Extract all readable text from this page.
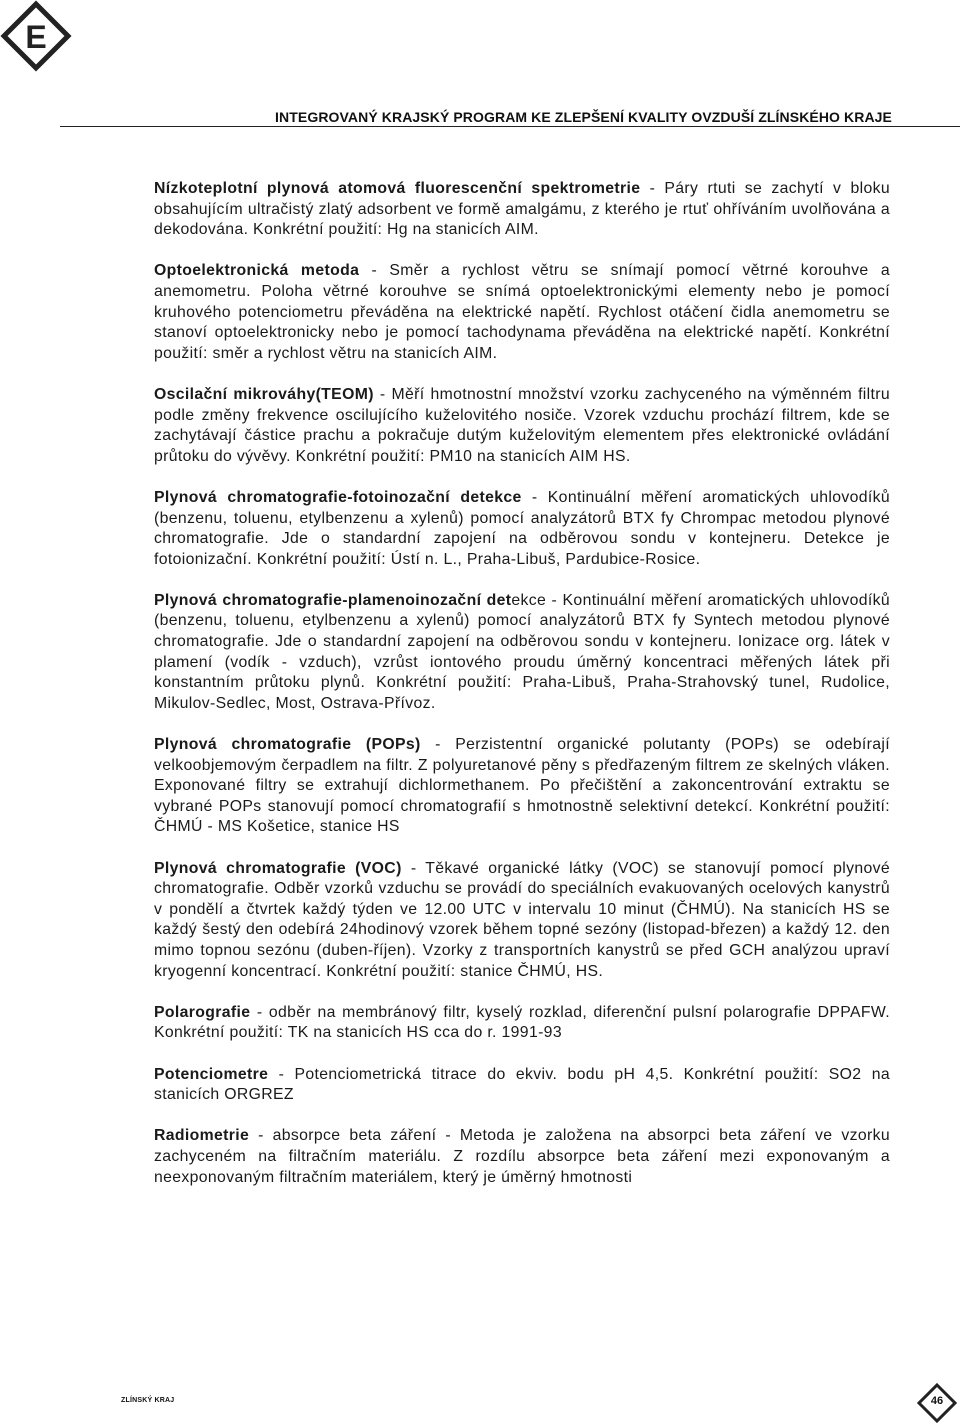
E
INTEGROVANÝ KRAJSKÝ PROGRAM KE ZLEPŠENÍ KVALITY OVZDUŠÍ ZLÍNSKÉHO KRAJE

Nízkoteplotní plynová atomová fluorescenční spektrometrie - Páry rtuti se zachytí v bloku obsahujícím ultračistý zlatý adsorbent ve formě amalgámu, z kterého je rtuť ohříváním uvolňována a dekodována. Konkrétní použití: Hg na stanicích AIM.

Optoelektronická metoda - Směr a rychlost větru se snímají pomocí větrné korouhve a anemometru. Poloha větrné korouhve se snímá optoelektronickými elementy nebo je pomocí kruhového potenciometru převáděna na elektrické napětí. Rychlost otáčení čidla anemometru se stanoví optoelektronicky nebo je pomocí tachodynama převáděna na elektrické napětí. Konkrétní použití: směr a rychlost větru na stanicích AIM.

Oscilační mikrováhy(TEOM) - Měří hmotnostní množství vzorku zachyceného na výměnném filtru podle změny frekvence oscilujícího kuželovitého nosiče. Vzorek vzduchu prochází filtrem, kde se zachytávají částice prachu a pokračuje dutým kuželovitým elementem přes elektronické ovládání průtoku do vývěvy. Konkrétní použití: PM10 na stanicích AIM HS.

Plynová chromatografie-fotoinozační detekce - Kontinuální měření aromatických uhlovodíků (benzenu, toluenu, etylbenzenu a xylenů) pomocí analyzátorů BTX fy Chrompac metodou plynové chromatografie. Jde o standardní zapojení na odběrovou sondu v kontejneru. Detekce je fotoionizační. Konkrétní použití: Ústí n. L., Praha-Libuš, Pardubice-Rosice.

Plynová chromatografie-plamenoinozační detekce - Kontinuální měření aromatických uhlovodíků (benzenu, toluenu, etylbenzenu a xylenů) pomocí analyzátorů BTX fy Syntech metodou plynové chromatografie. Jde o standardní zapojení na odběrovou sondu v kontejneru. Ionizace org. látek v plamení (vodík - vzduch), vzrůst iontového proudu úměrný koncentraci měřených látek při konstantním průtoku plynů. Konkrétní použití: Praha-Libuš, Praha-Strahovský tunel, Rudolice, Mikulov-Sedlec, Most, Ostrava-Přívoz.

Plynová chromatografie (POPs) - Perzistentní organické polutanty (POPs) se odebírají velkoobjemovým čerpadlem na filtr. Z polyuretanové pěny s předřazeným filtrem ze skelných vláken. Exponované filtry se extrahují dichlormethanem. Po přečištění a zakoncentrování extraktu se vybrané POPs stanovují pomocí chromatografií s hmotnostně selektivní detekcí. Konkrétní použití: ČHMÚ - MS Košetice, stanice HS

Plynová chromatografie (VOC) - Těkavé organické látky (VOC) se stanovují pomocí plynové chromatografie. Odběr vzorků vzduchu se provádí do speciálních evakuovaných ocelových kanystrů v pondělí a čtvrtek každý týden ve 12.00 UTC v intervalu 10 minut (ČHMÚ). Na stanicích HS se každý šestý den odebírá 24hodinový vzorek během topné sezóny (listopad-březen) a každý 12. den mimo topnou sezónu (duben-říjen). Vzorky z transportních kanystrů se před GCH analýzou upraví kryogenní koncentrací. Konkrétní použití: stanice ČHMÚ, HS.

Polarografie - odběr na membránový filtr, kyselý rozklad, diferenční pulsní polarografie DPPAFW. Konkrétní použití: TK na stanicích HS cca do r. 1991-93

Potenciometre - Potenciometrická titrace do ekviv. bodu pH 4,5. Konkrétní použití: SO2 na stanicích ORGREZ

Radiometrie - absorpce beta záření - Metoda je založena na absorpci beta záření ve vzorku zachyceném na filtračním materiálu. Z rozdílu absorpce beta záření mezi exponovaným a neexponovaným filtračním materiálem, který je úměrný hmotnosti

ZLÍNSKÝ KRAJ	46
